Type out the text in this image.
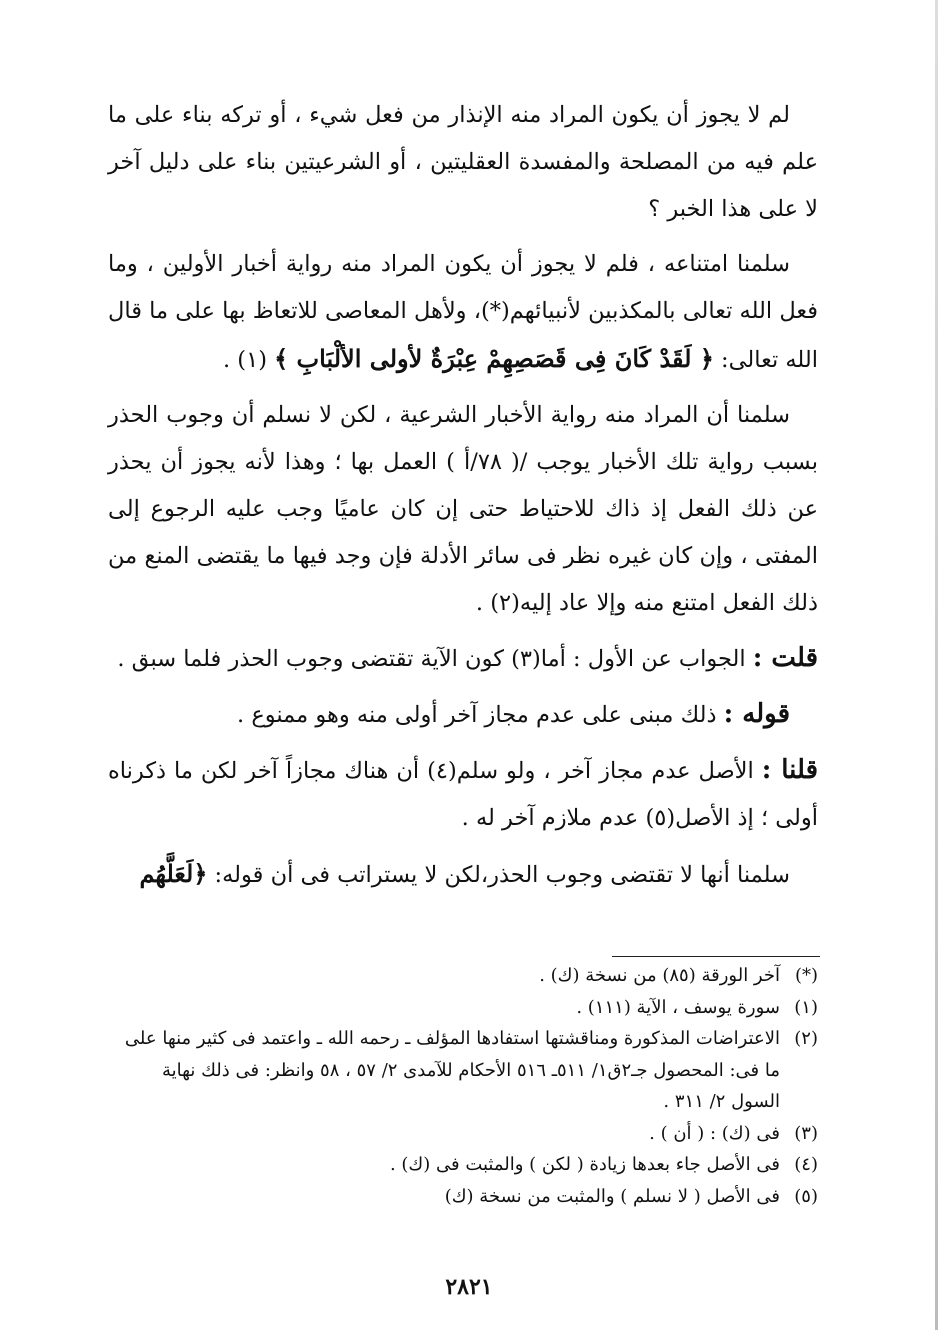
لم لا يجوز أن يكون المراد منه الإنذار من فعل شيء ، أو تركه بناء على ما علم فيه من المصلحة والمفسدة العقليتين ، أو الشرعيتين بناء على دليل آخر لا على هذا الخبر ؟

سلمنا امتناعه ، فلم لا يجوز أن يكون المراد منه رواية أخبار الأولين ، وما فعل الله تعالى بالمكذبين لأنبيائهم(*)، ولأهل المعاصى للاتعاظ بها على ما قال الله تعالى: ﴿ لَقَدْ كَانَ فِى قَصَصِهِمْ عِبْرَةٌ لأولى الألْبَابِ ﴾ (١) .

سلمنا أن المراد منه رواية الأخبار الشرعية ، لكن لا نسلم أن وجوب الحذر بسبب رواية تلك الأخبار يوجب /( ٧٨/أ ) العمل بها ؛ وهذا لأنه يجوز أن يحذر عن ذلك الفعل إذ ذاك للاحتياط حتى إن كان عاميًا وجب عليه الرجوع إلى المفتى ، وإن كان غيره نظر فى سائر الأدلة فإن وجد فيها ما يقتضى المنع من ذلك الفعل امتنع منه وإلا عاد إليه(٢) .

قلت : الجواب عن الأول : أما(٣) كون الآية تقتضى وجوب الحذر فلما سبق .

قوله : ذلك مبنى على عدم مجاز آخر أولى منه وهو ممنوع .

قلنا : الأصل عدم مجاز آخر ، ولو سلم(٤) أن هناك مجازاً آخر لكن ما ذكرناه أولى ؛ إذ الأصل(٥) عدم ملازم آخر له .

سلمنا أنها لا تقتضى وجوب الحذر،لكن لا يستراتب فى أن قوله: ﴿لَعَلَّهُم

(*)
آخر الورقة (٨٥) من نسخة (ك) .
(١)
سورة يوسف ، الآية (١١١) .
(٢)
الاعتراضات المذكورة ومناقشتها استفادها المؤلف ـ رحمه الله ـ واعتمد فى كثير منها على ما فى: المحصول جـ٢ق١/ ٥١١ـ ٥١٦ الأحكام للآمدى ٢/ ٥٧ ، ٥٨ وانظر: فى ذلك نهاية السول ٢/ ٣١١ .
(٣)
فى (ك) : ( أن ) .
(٤)
فى الأصل جاء بعدها زيادة ( لكن ) والمثبت فى (ك) .
(٥)
فى الأصل ( لا نسلم ) والمثبت من نسخة (ك)
٢٨٢١
